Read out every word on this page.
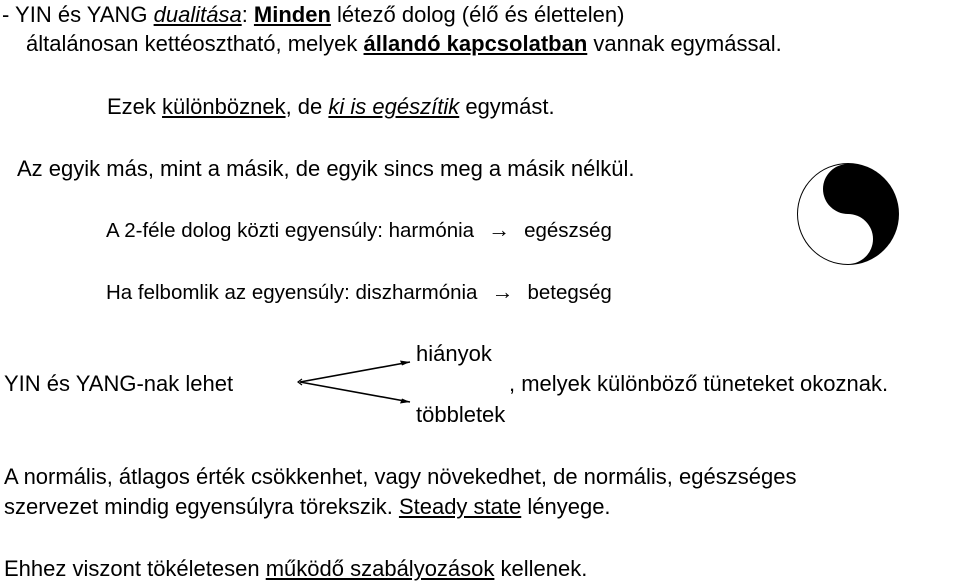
- YIN és YANG dualitása: Minden létező dolog (élő és élettelen)
általánosan kettéosztható, melyek állandó kapcsolatban vannak egymással.
Ezek különböznek, de ki is egészítik egymást.
Az egyik más, mint a másik, de egyik sincs meg a másik nélkül.
A 2-féle dolog közti egyensúly: harmónia → egészség
Ha felbomlik az egyensúly: diszharmónia → betegség
hiányok
YIN és YANG-nak lehet	, melyek különböző tüneteket okoznak.
többletek
A normális, átlagos érték csökkenhet, vagy növekedhet, de normális, egészséges
szervezet mindig egyensúlyra törekszik. Steady state lényege.
Ehhez viszont tökéletesen működő szabályozások kellenek.
